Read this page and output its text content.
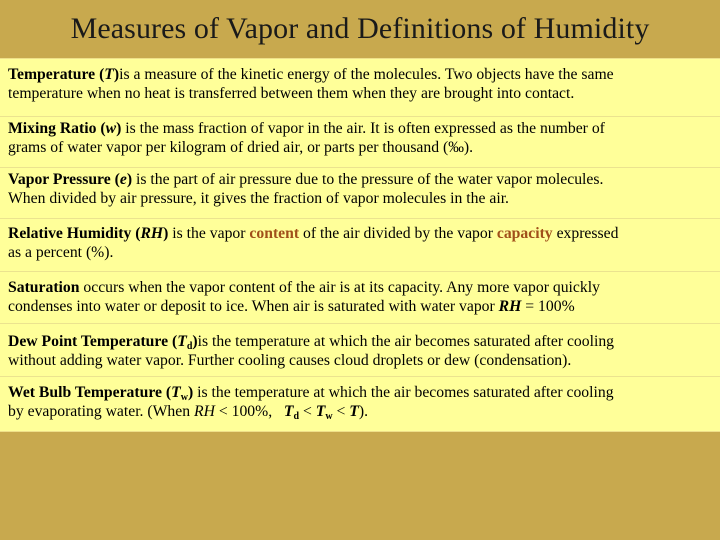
Measures of Vapor and Definitions of Humidity
Temperature (T)is a measure of the kinetic energy of the molecules. Two objects have the same
temperature when no heat is transferred between them when they are brought into contact.
Mixing Ratio (w) is the mass fraction of vapor in the air. It is often expressed as the number of
grams of water vapor per kilogram of dried air, or parts per thousand (‰).
Vapor Pressure (e) is the part of air pressure due to the pressure of the water vapor molecules.
When divided by air pressure, it gives the fraction of vapor molecules in the air.
Relative Humidity (RH) is the vapor content of the air divided by the vapor capacity expressed
as a percent (%).
Saturation occurs when the vapor content of the air is at its capacity. Any more vapor quickly
condenses into water or deposit to ice. When air is saturated with water vapor RH = 100%
Dew Point Temperature $(T_d)is$ the temperature at which the air becomes saturated after cooling
without adding water vapor. Further cooling causes cloud droplets or dew (condensation).
Wet Bulb Temperature $(T_w)$ is the temperature at which the air becomes saturated after cooling
by evaporating water. (When RH < 100%, $T_d < T_w < T$).
